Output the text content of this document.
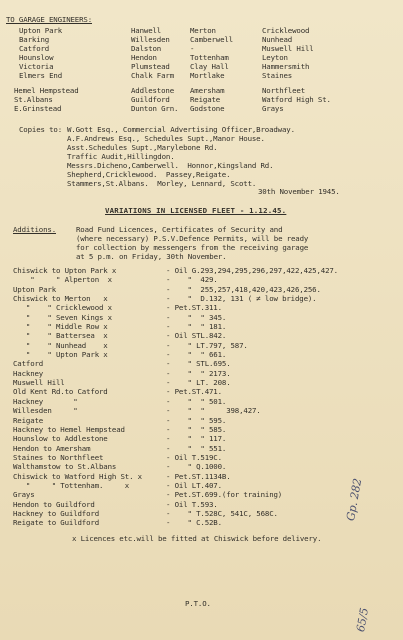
TO GARAGE ENGINEERS:
Upton Park
Barking
Catford
Hounslow
Victoria
Elmers End
Hanwell
Willesden
Dalston
Hendon
Plumstead
Chalk Farm
Merton
Camberwell
-
Tottenham
Clay Hall
Mortlake
Cricklewood
Nunhead
Muswell Hill
Leyton
Hammersmith
Staines
Hemel Hempstead
St.Albans
E.Grinstead
Addlestone
Guildford
Dunton Grn.
Amersham
Reigate
Godstone
Northfleet
Watford High St.
Grays
Copies to: W.Gott Esq., Commercial Advertising Officer,Broadway.
A.F.Andrews Esq., Schedules Supt.,Manor House.
Asst.Schedules Supt.,Marylebone Rd.
Traffic Audit,Hillingdon.
Messrs.Dicheno,Camberwell.  Honnor,Kingsland Rd.
Shepherd,Cricklewood.  Passey,Reigate.
Stammers,St.Albans.  Morley, Lennard, Scott.
30th November 1945.
VARIATIONS IN LICENSED FLEET - 1.12.45.
Additions.	Road Fund Licences, Certificates of Security and
(where necessary) P.S.V.Defence Permits, will be ready
for collection by messengers from the receiving garage
at 5 p.m. on Friday, 30th November.
Chiswick to Upton Park x
"     " Alperton  x
Upton Park
Chiswick to Merton   x
"    " Cricklewood x
"    " Seven Kings x
"    " Middle Row x
"    " Battersea  x
"    " Nunhead    x
"    " Upton Park x
Catford
Hackney
Muswell Hill
Old Kent Rd.to Catford
Hackney       "
Willesden     "
Reigate
Hackney to Hemel Hempstead
Hounslow to Addlestone
Hendon to Amersham
Staines to Northfleet
Walthamstow to St.Albans
Chiswick to Watford High St. x
"     " Tottenham.     x
Grays
Hendon to Guildford
Hackney to Guildford
Reigate to Guildford
- Oil G.293,294,295,296,297,422,425,427.
-    "  429.
-    "  255,257,418,420,423,426,256.
-    "  D.132, 131 ( ≠ low bridge).
- Pet.ST.311.
-    "  " 345.
-    "  " 181.
- Oil STL.842.
-    " LT.797, 587.
-    "  " 661.
-    " STL.695.
-    "  " 2173.
-    " LT. 208.
- Pet.ST.471.
-    "  " 501.
-    "  "     398,427.
-    "  " 595.
-    "  " 585.
-    "  " 117.
-    "  " 551.
- Oil T.519C.
-    " Q.1000.
- Pet.ST.1134B.
- Oil LT.407.
- Pet.ST.699.(for training)
- Oil T.593.
-    " T.528C, 541C, 568C.
-    " C.52B.
x Licences etc.will be fitted at Chiswick before delivery.
P.T.O.
Gp. 282
65/5
